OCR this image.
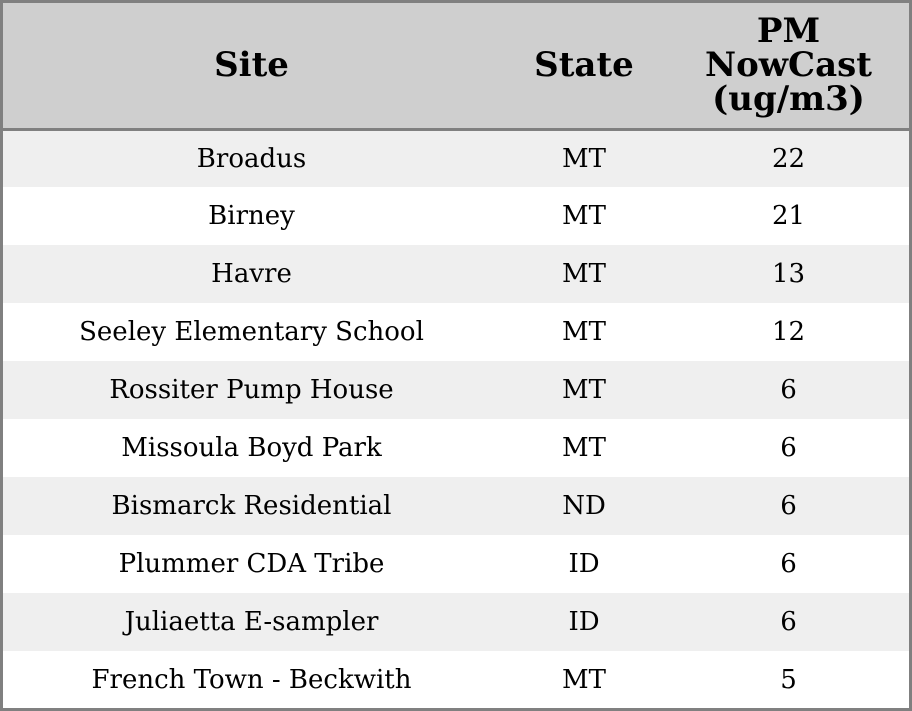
Site	State	PM
NowCast
(ug/m3)

Broadus	MT	22
Birney	MT	21
Havre	MT	13
Seeley Elementary School	MT	12
Rossiter Pump House	MT	6
Missoula Boyd Park	MT	6
Bismarck Residential	ND	6
Plummer CDA Tribe	ID	6
Juliaetta E-sampler	ID	6
French Town - Beckwith	MT	5
